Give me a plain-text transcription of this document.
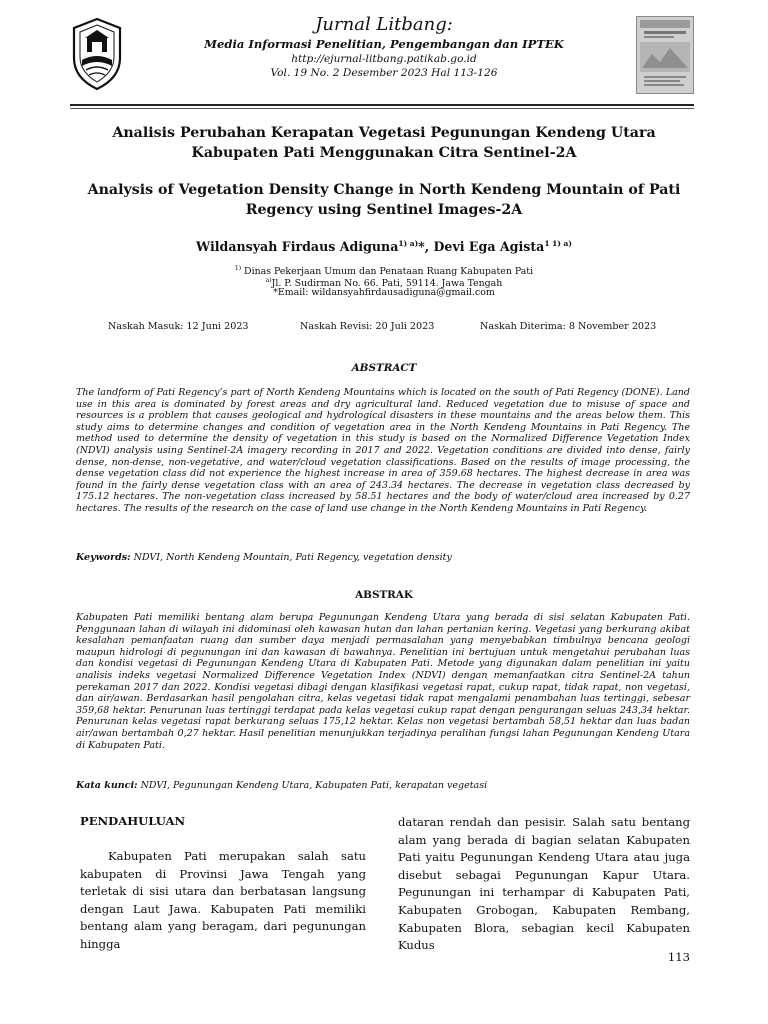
Jurnal Litbang:

Media Informasi Penelitian, Pengembangan dan IPTEK

http://ejurnal-litbang.patikab.go.id

Vol. 19 No. 2 Desember 2023 Hal 113-126

Analisis Perubahan Kerapatan Vegetasi Pegunungan Kendeng Utara Kabupaten Pati Menggunakan Citra Sentinel-2A

Analysis of Vegetation Density Change in North Kendeng Mountain of Pati Regency using Sentinel Images-2A

Wildansyah Firdaus Adiguna$^{1) a)}$*, Devi Ega Agista$^{1 1) a)}$
$^{1)}$ Dinas Pekerjaan Umum dan Penataan Ruang Kabupaten Pati
$^{a)}$Jl. P. Sudirman No. 66. Pati, 59114. Jawa Tengah
*Email: wildansyahfirdausadiguna@gmail.com
Naskah Masuk: 12 Juni 2023	Naskah Revisi: 20 Juli 2023	Naskah Diterima: 8 November 2023
ABSTRACT

The landform of Pati Regency’s part of North Kendeng Mountains which is located on the south of Pati Regency (DONE). Land use in this area is dominated by forest areas and dry agricultural land. Reduced vegetation due to misuse of space and resources is a problem that causes geological and hydrological disasters in these mountains and the areas below them. This study aims to determine changes and condition of vegetation area in the North Kendeng Mountains in Pati Regency. The method used to determine the density of vegetation in this study is based on the Normalized Difference Vegetation Index (NDVI) analysis using Sentinel-2A imagery recording in 2017 and 2022. Vegetation conditions are divided into dense, fairly dense, non-dense, non-vegetative, and water/cloud vegetation classifications. Based on the results of image processing, the dense vegetation class did not experience the highest increase in area of 359.68 hectares. The highest decrease in area was found in the fairly dense vegetation class with an area of 243.34 hectares. The decrease in vegetation class decreased by 175.12 hectares. The non-vegetation class increased by 58.51 hectares and the body of water/cloud area increased by 0.27 hectares. The results of the research on the case of land use change in the North Kendeng Mountains in Pati Regency.

Keywords: NDVI, North Kendeng Mountain, Pati Regency, vegetation density
ABSTRAK

Kabupaten Pati memiliki bentang alam berupa Pegunungan Kendeng Utara yang berada di sisi selatan Kabupaten Pati. Penggunaan lahan di wilayah ini didominasi oleh kawasan hutan dan lahan pertanian kering. Vegetasi yang berkurang akibat kesalahan pemanfaatan ruang dan sumber daya menjadi permasalahan yang menyebabkan timbulnya bencana geologi maupun hidrologi di pegunungan ini dan kawasan di bawahnya. Penelitian ini bertujuan untuk mengetahui perubahan luas dan kondisi vegetasi di Pegunungan Kendeng Utara di Kabupaten Pati. Metode yang digunakan dalam penelitian ini yaitu analisis indeks vegetasi Normalized Difference Vegetation Index (NDVI) dengan memanfaatkan citra Sentinel-2A tahun perekaman 2017 dan 2022. Kondisi vegetasi dibagi dengan klasifikasi vegetasi rapat, cukup rapat, tidak rapat, non vegetasi, dan air/awan. Berdasarkan hasil pengolahan citra, kelas vegetasi tidak rapat mengalami penambahan luas tertinggi, sebesar 359,68 hektar. Penurunan luas tertinggi terdapat pada kelas vegetasi cukup rapat dengan pengurangan seluas 243,34 hektar. Penurunan kelas vegetasi rapat berkurang seluas 175,12 hektar. Kelas non vegetasi bertambah 58,51 hektar dan luas badan air/awan bertambah 0,27 hektar. Hasil penelitian menunjukkan terjadinya peralihan fungsi lahan Pegunungan Kendeng Utara di Kabupaten Pati.

Kata kunci: NDVI, Pegunungan Kendeng Utara, Kabupaten Pati, kerapatan vegetasi
PENDAHULUAN

Kabupaten Pati merupakan salah satu kabupaten di Provinsi Jawa Tengah yang terletak di sisi utara dan berbatasan langsung dengan Laut Jawa. Kabupaten Pati memiliki bentang alam yang beragam, dari pegunungan hingga

dataran rendah dan pesisir. Salah satu bentang alam yang berada di bagian selatan Kabupaten Pati yaitu Pegunungan Kendeng Utara atau juga disebut sebagai Pegunungan Kapur Utara. Pegunungan ini terhampar di Kabupaten Pati, Kabupaten Grobogan, Kabupaten Rembang, Kabupaten Blora, sebagian kecil Kabupaten Kudus

113
